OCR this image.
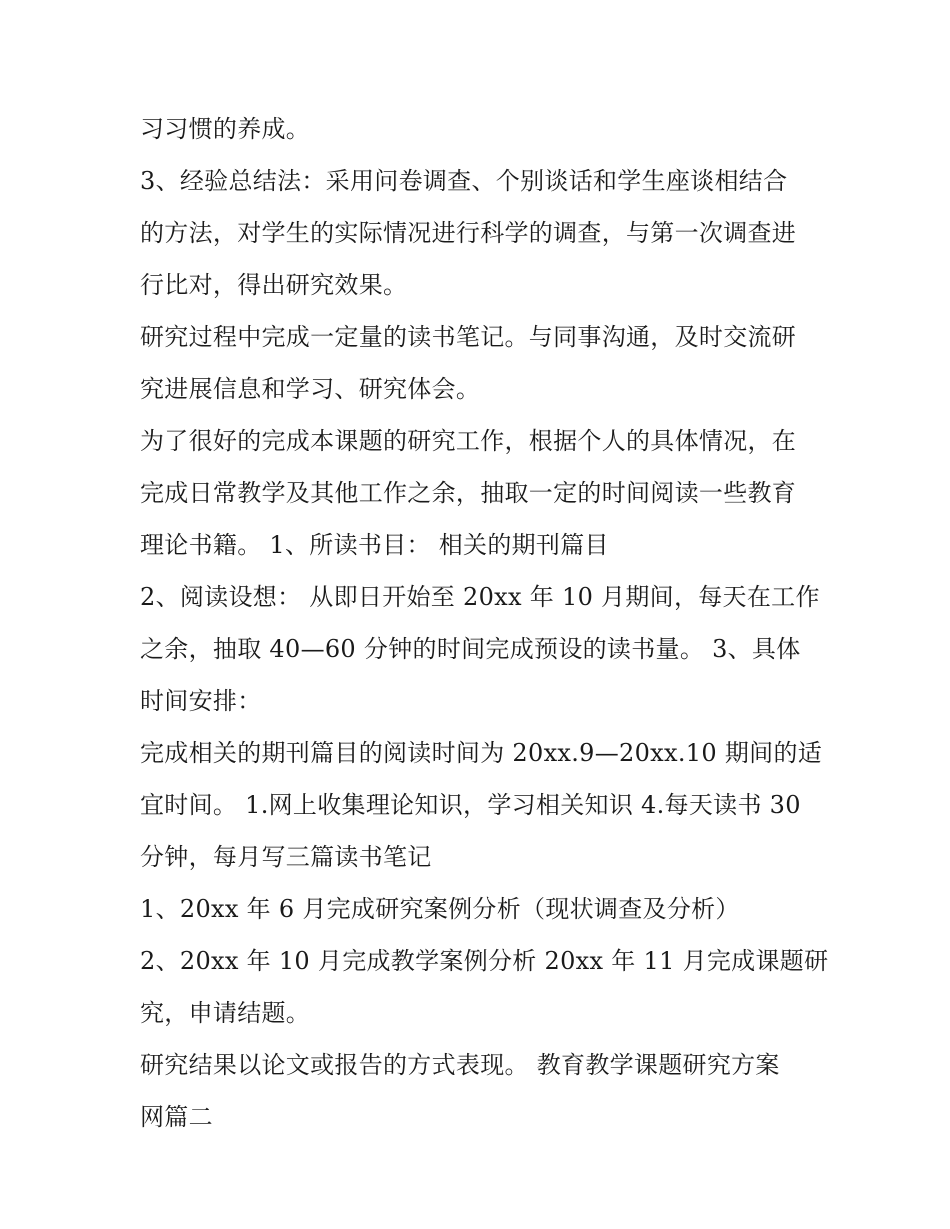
习习惯的养成。
3、经验总结法：采用问卷调查、个别谈话和学生座谈相结合
的方法，对学生的实际情况进行科学的调查，与第一次调查进
行比对，得出研究效果。
研究过程中完成一定量的读书笔记。与同事沟通，及时交流研
究进展信息和学习、研究体会。
为了很好的完成本课题的研究工作，根据个人的具体情况，在
完成日常教学及其他工作之余，抽取一定的时间阅读一些教育
理论书籍。 1、所读书目： 相关的期刊篇目
2、阅读设想： 从即日开始至 20xx 年 10 月期间，每天在工作
之余，抽取 40—60 分钟的时间完成预设的读书量。 3、具体
时间安排：
完成相关的期刊篇目的阅读时间为 20xx.9—20xx.10 期间的适
宜时间。 1.网上收集理论知识，学习相关知识 4.每天读书 30
分钟，每月写三篇读书笔记
1、20xx 年 6 月完成研究案例分析（现状调查及分析）
2、20xx 年 10 月完成教学案例分析 20xx 年 11 月完成课题研
究，申请结题。
研究结果以论文或报告的方式表现。 教育教学课题研究方案
网篇二
